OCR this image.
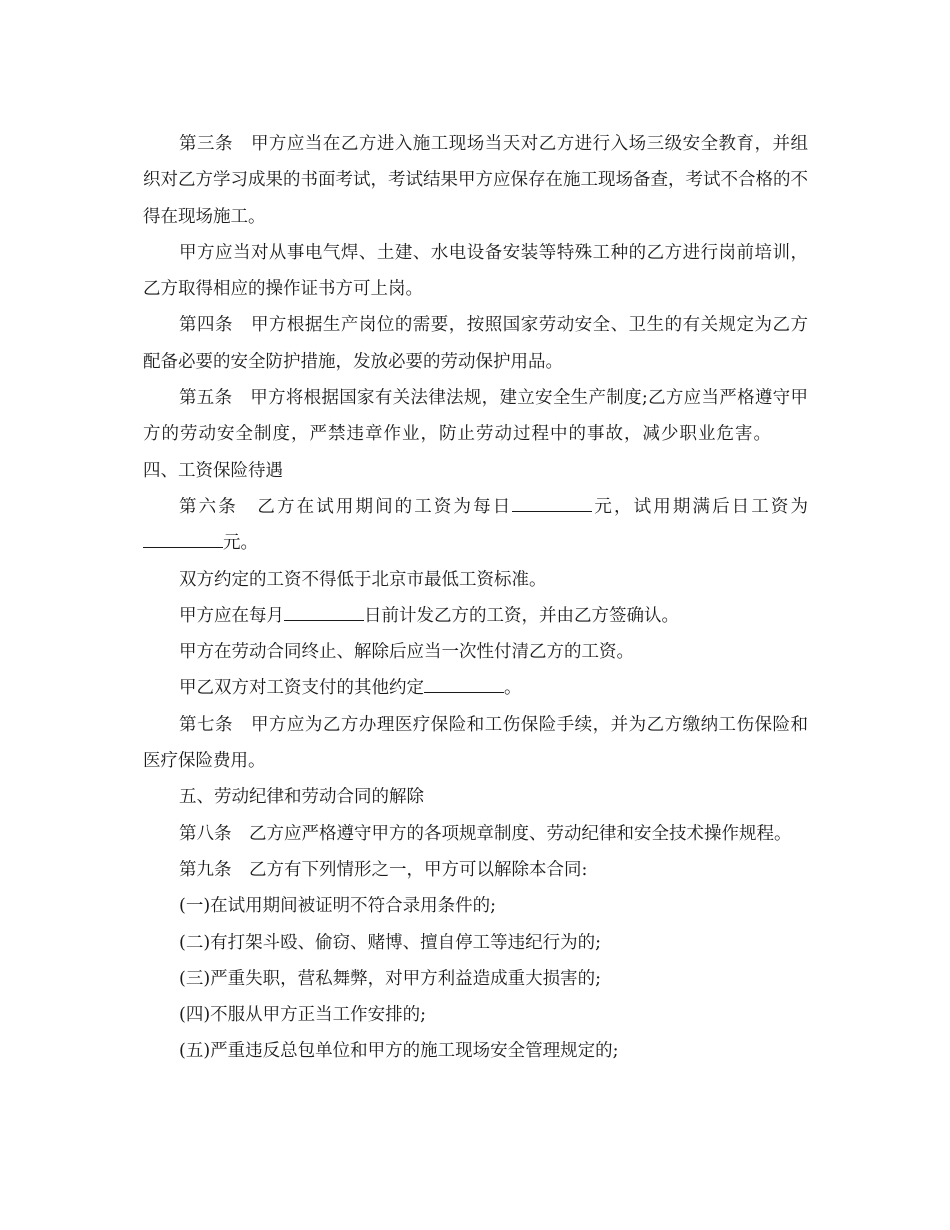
第三条　甲方应当在乙方进入施工现场当天对乙方进行入场三级安全教育，并组织对乙方学习成果的书面考试，考试结果甲方应保存在施工现场备查，考试不合格的不得在现场施工。

甲方应当对从事电气焊、土建、水电设备安装等特殊工种的乙方进行岗前培训，乙方取得相应的操作证书方可上岗。

第四条　甲方根据生产岗位的需要，按照国家劳动安全、卫生的有关规定为乙方配备必要的安全防护措施，发放必要的劳动保护用品。

第五条　甲方将根据国家有关法律法规，建立安全生产制度;乙方应当严格遵守甲方的劳动安全制度，严禁违章作业，防止劳动过程中的事故，减少职业危害。四、工资保险待遇

第六条　乙方在试用期间的工资为每日	元，试用期满后日工资为元。

双方约定的工资不得低于北京市最低工资标准。

甲方应在每月	日前计发乙方的工资，并由乙方签确认。

甲方在劳动合同终止、解除后应当一次性付清乙方的工资。

甲乙双方对工资支付的其他约定	。

第七条　甲方应为乙方办理医疗保险和工伤保险手续，并为乙方缴纳工伤保险和医疗保险费用。

五、劳动纪律和劳动合同的解除

第八条　乙方应严格遵守甲方的各项规章制度、劳动纪律和安全技术操作规程。

第九条　乙方有下列情形之一，甲方可以解除本合同:

(一)在试用期间被证明不符合录用条件的;

(二)有打架斗殴、偷窃、赌博、擅自停工等违纪行为的;

(三)严重失职，营私舞弊，对甲方利益造成重大损害的;

(四)不服从甲方正当工作安排的;

(五)严重违反总包单位和甲方的施工现场安全管理规定的;
